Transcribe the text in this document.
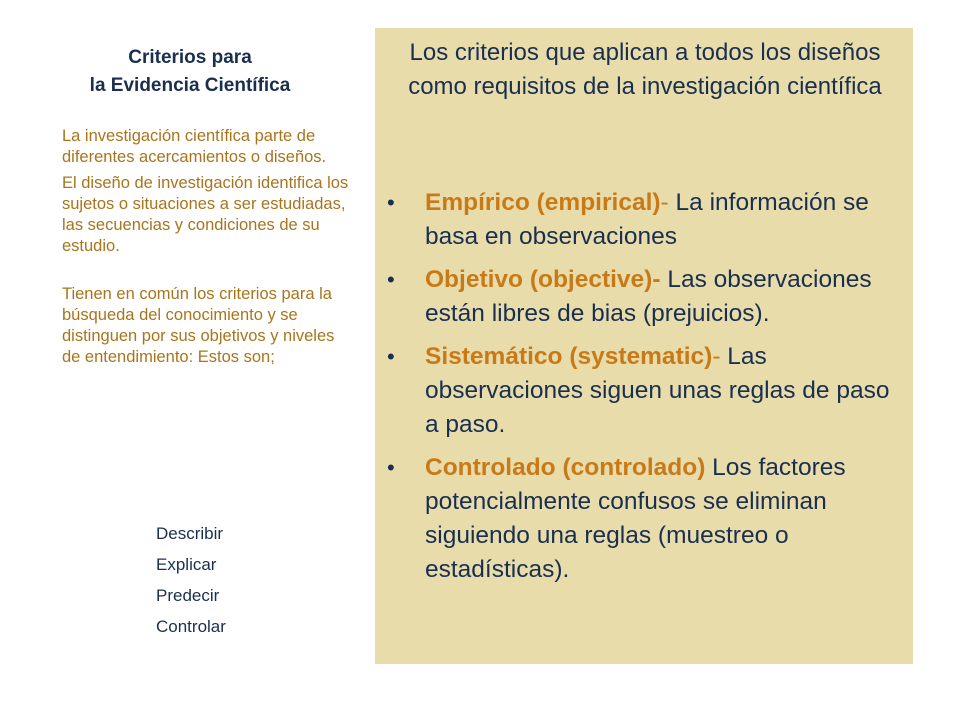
Criterios para
la Evidencia Científica

La investigación científica parte de diferentes acercamientos o diseños.

El diseño de investigación identifica los sujetos o situaciones a ser estudiadas, las secuencias y condiciones de su estudio.

Tienen en común los criterios para la búsqueda del conocimiento y se distinguen por sus objetivos y niveles de entendimiento: Estos son;

Describir
Explicar
Predecir
Controlar
Los criterios que aplican a todos los diseños como requisitos de la investigación científica
• Empírico (empirical)- La información se basa en observaciones
• Objetivo (objective)- Las observaciones están libres de bias (prejuicios).
• Sistemático (systematic)- Las observaciones siguen unas reglas de paso a paso.
• Controlado (controlado) Los factores potencialmente confusos se eliminan siguiendo una reglas (muestreo o estadísticas).
